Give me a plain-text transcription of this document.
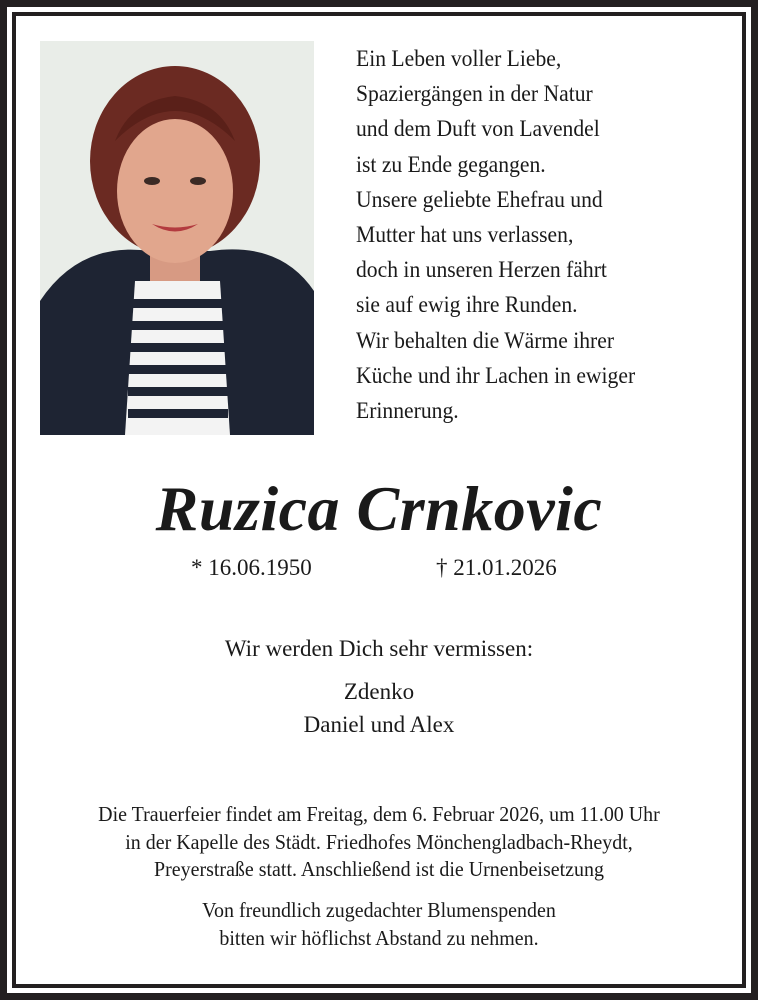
Ein Leben voller Liebe,
Spaziergängen in der Natur
und dem Duft von Lavendel
ist zu Ende gegangen.
Unsere geliebte Ehefrau und
Mutter hat uns verlassen,
doch in unseren Herzen fährt
sie auf ewig ihre Runden.
Wir behalten die Wärme ihrer
Küche und ihr Lachen in ewiger
Erinnerung.
Ruzica Crnkovic
* 16.06.1950	† 21.01.2026
Wir werden Dich sehr vermissen:
Zdenko
Daniel und Alex
Die Trauerfeier findet am Freitag, dem 6. Februar 2026, um 11.00 Uhr
in der Kapelle des Städt. Friedhofes Mönchengladbach-Rheydt,
Preyerstraße statt. Anschließend ist die Urnenbeisetzung
Von freundlich zugedachter Blumenspenden
bitten wir höflichst Abstand zu nehmen.
